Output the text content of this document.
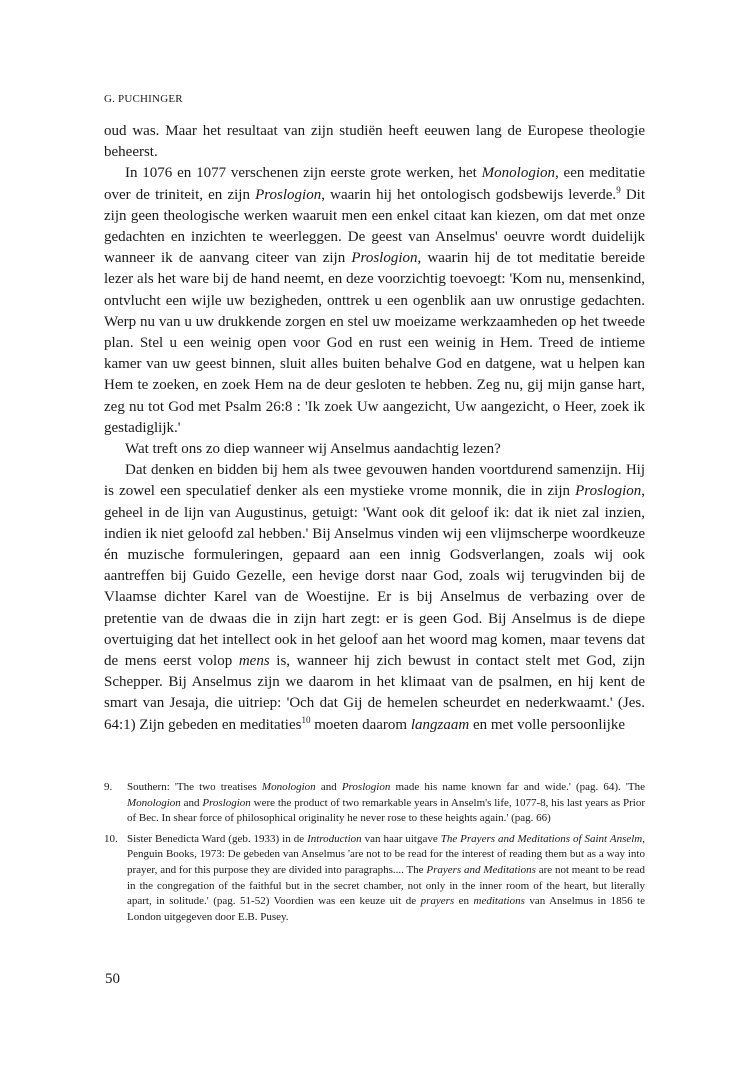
G. PUCHINGER

oud was. Maar het resultaat van zijn studiën heeft eeuwen lang de Europese theologie beheerst.

In 1076 en 1077 verschenen zijn eerste grote werken, het Monologion, een meditatie over de triniteit, en zijn Proslogion, waarin hij het ontologisch godsbewijs leverde.$^9$ Dit zijn geen theologische werken waaruit men een enkel citaat kan kiezen, om dat met onze gedachten en inzichten te weerleggen. De geest van Anselmus' oeuvre wordt duidelijk wanneer ik de aanvang citeer van zijn Proslogion, waarin hij de tot meditatie bereide lezer als het ware bij de hand neemt, en deze voorzichtig toevoegt: 'Kom nu, mensenkind, ontvlucht een wijle uw bezigheden, onttrek u een ogenblik aan uw onrustige gedachten. Werp nu van u uw drukkende zorgen en stel uw moeizame werkzaamheden op het tweede plan. Stel u een weinig open voor God en rust een weinig in Hem. Treed de intieme kamer van uw geest binnen, sluit alles buiten behalve God en datgene, wat u helpen kan Hem te zoeken, en zoek Hem na de deur gesloten te hebben. Zeg nu, gij mijn ganse hart, zeg nu tot God met Psalm 26:8 : 'Ik zoek Uw aangezicht, Uw aangezicht, o Heer, zoek ik gestadiglijk.'

Wat treft ons zo diep wanneer wij Anselmus aandachtig lezen?

Dat denken en bidden bij hem als twee gevouwen handen voortdurend samenzijn. Hij is zowel een speculatief denker als een mystieke vrome monnik, die in zijn Proslogion, geheel in de lijn van Augustinus, getuigt: 'Want ook dit geloof ik: dat ik niet zal inzien, indien ik niet geloofd zal hebben.' Bij Anselmus vinden wij een vlijmscherpe woordkeuze én muzische formuleringen, gepaard aan een innig Godsverlangen, zoals wij ook aantreffen bij Guido Gezelle, een hevige dorst naar God, zoals wij terugvinden bij de Vlaamse dichter Karel van de Woestijne. Er is bij Anselmus de verbazing over de pretentie van de dwaas die in zijn hart zegt: er is geen God. Bij Anselmus is de diepe overtuiging dat het intellect ook in het geloof aan het woord mag komen, maar tevens dat de mens eerst volop mens is, wanneer hij zich bewust in contact stelt met God, zijn Schepper. Bij Anselmus zijn we daarom in het klimaat van de psalmen, en hij kent de smart van Jesaja, die uitriep: 'Och dat Gij de hemelen scheurdet en nederkwaamt.' (Jes. 64:1) Zijn gebeden en meditaties$^{10}$ moeten daarom langzaam en met volle persoonlijke

9.	Southern: 'The two treatises Monologion and Proslogion made his name known far and wide.' (pag. 64). 'The Monologion and Proslogion were the product of two remarkable years in Anselm's life, 1077-8, his last years as Prior of Bec. In shear force of philosophical originality he never rose to these heights again.' (pag. 66)
10. Sister Benedicta Ward (geb. 1933) in de Introduction van haar uitgave The Prayers and Meditations of Saint Anselm, Penguin Books, 1973: De gebeden van Anselmus 'are not to be read for the interest of reading them but as a way into prayer, and for this purpose they are divided into paragraphs.... The Prayers and Meditations are not meant to be read in the congregation of the faithful but in the secret chamber, not only in the inner room of the heart, but literally apart, in solitude.' (pag. 51-52) Voordien was een keuze uit de prayers en meditations van Anselmus in 1856 te London uitgegeven door E.B. Pusey.
50
